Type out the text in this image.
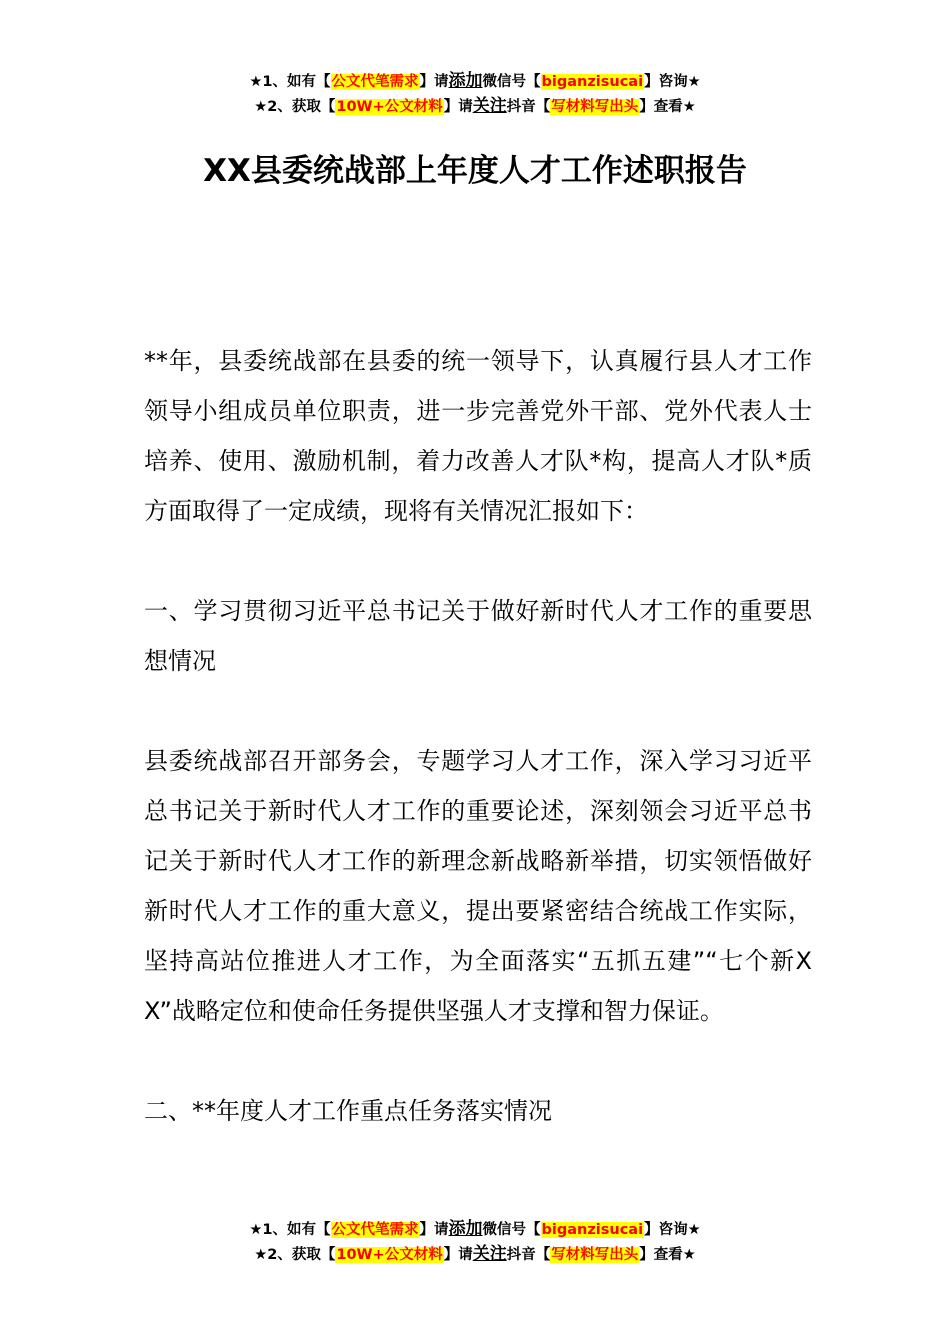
★1、如有【公文代笔需求】请添加微信号【biganzisucai】咨询★
★2、获取【10W+公文材料】请关注抖音【写材料写出头】查看★
XX县委统战部上年度人才工作述职报告

**年，县委统战部在县委的统一领导下，认真履行县人才工作领导小组成员单位职责，进一步完善党外干部、党外代表人士培养、使用、激励机制，着力改善人才队*构，提高人才队*质方面取得了一定成绩，现将有关情况汇报如下：

一、学习贯彻习近平总书记关于做好新时代人才工作的重要思想情况

县委统战部召开部务会，专题学习人才工作，深入学习习近平总书记关于新时代人才工作的重要论述，深刻领会习近平总书记关于新时代人才工作的新理念新战略新举措，切实领悟做好新时代人才工作的重大意义，提出要紧密结合统战工作实际，坚持高站位推进人才工作，为全面落实“五抓五建”“七个新XX”战略定位和使命任务提供坚强人才支撑和智力保证。

二、**年度人才工作重点任务落实情况

★1、如有【公文代笔需求】请添加微信号【biganzisucai】咨询★
★2、获取【10W+公文材料】请关注抖音【写材料写出头】查看★
